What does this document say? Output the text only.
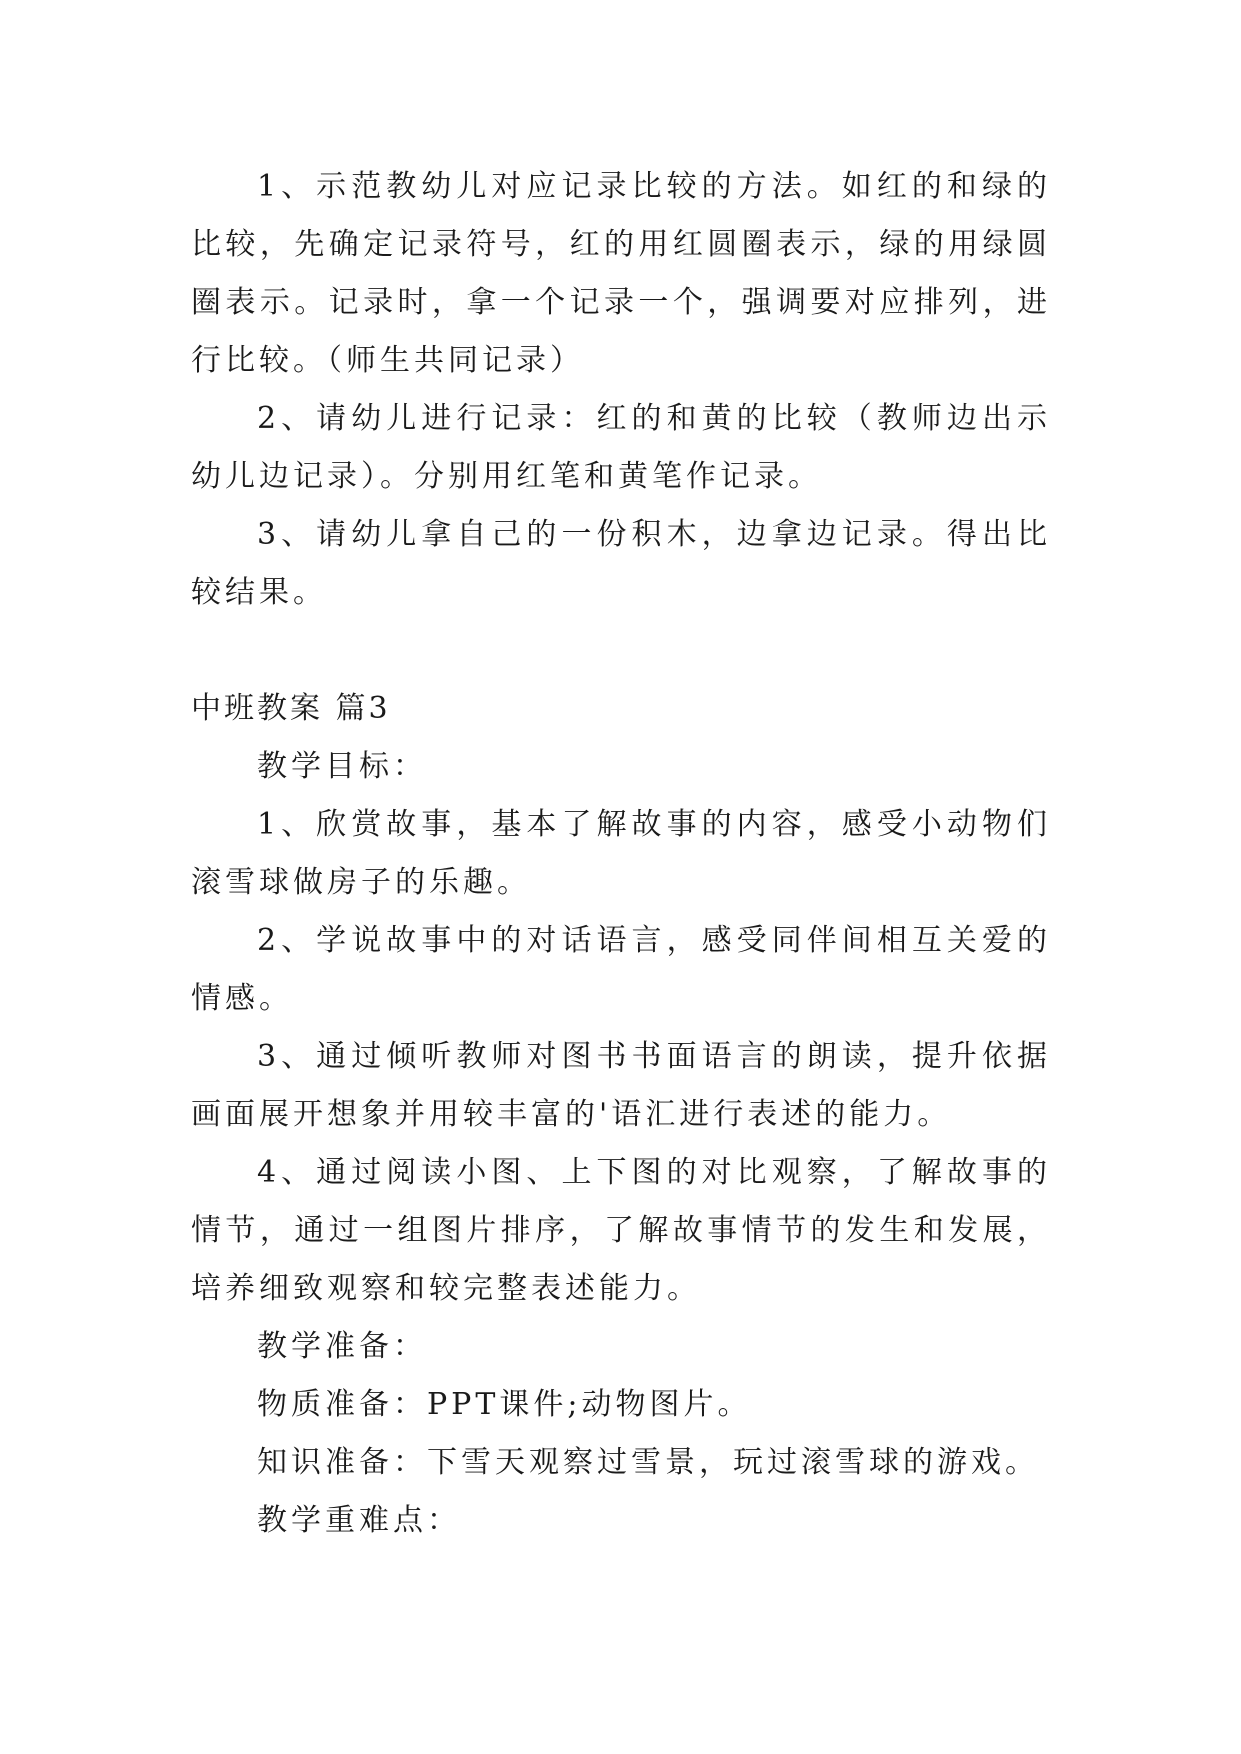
1、示范教幼儿对应记录比较的方法。如红的和绿的比较，先确定记录符号，红的用红圆圈表示，绿的用绿圆圈表示。记录时，拿一个记录一个，强调要对应排列，进行比较。（师生共同记录）

2、请幼儿进行记录：红的和黄的比较（教师边出示幼儿边记录）。分别用红笔和黄笔作记录。

3、请幼儿拿自己的一份积木，边拿边记录。得出比较结果。

中班教案 篇3

教学目标：

1、欣赏故事，基本了解故事的内容，感受小动物们滚雪球做房子的乐趣。

2、学说故事中的对话语言，感受同伴间相互关爱的情感。

3、通过倾听教师对图书书面语言的朗读，提升依据画面展开想象并用较丰富的'语汇进行表述的能力。

4、通过阅读小图、上下图的对比观察，了解故事的情节，通过一组图片排序，了解故事情节的发生和发展，培养细致观察和较完整表述能力。

教学准备：

物质准备：PPT课件;动物图片。

知识准备：下雪天观察过雪景，玩过滚雪球的游戏。

教学重难点：
